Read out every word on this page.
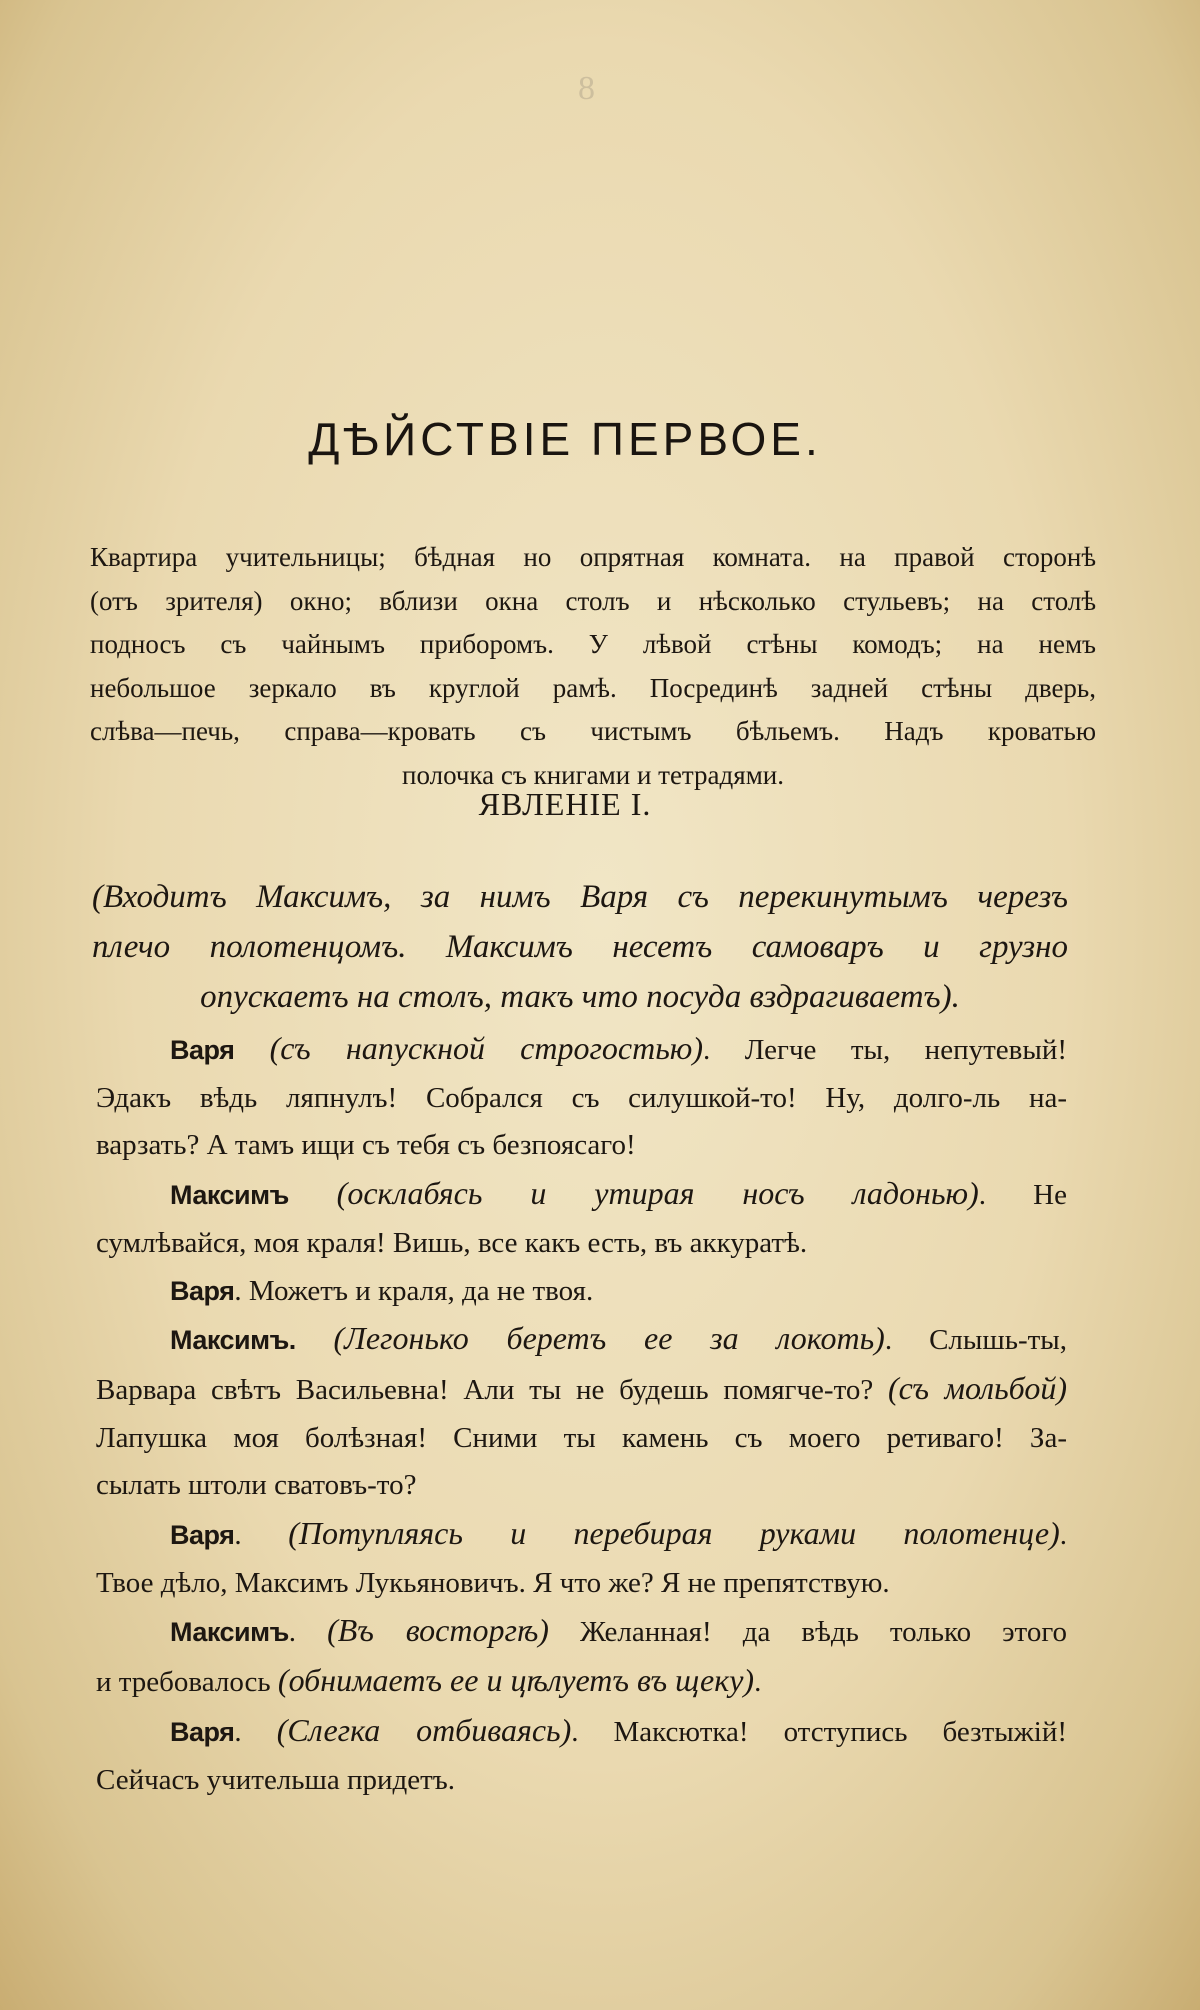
8
ДѢЙСТВIЕ ПЕРВОЕ.
Квартира учительницы; бѣдная но опрятная комната. на правой сторонѣ
(отъ зрителя) окно; вблизи окна столъ и нѣсколько стульевъ; на столѣ
подносъ съ чайнымъ приборомъ. У лѣвой стѣны комодъ; на немъ
небольшое зеркало въ круглой рамѣ. Посрединѣ задней стѣны дверь,
слѣва—печь, справа—кровать съ чистымъ бѣльемъ. Надъ кроватью
полочка съ книгами и тетрадями.
ЯВЛЕНIЕ I.
(Входитъ Максимъ, за нимъ Варя съ перекинутымъ черезъ
плечо полотенцомъ. Максимъ несетъ самоваръ и грузно
опускаетъ на столъ, такъ что посуда вздрагиваетъ).
Варя (съ напускной строгостью). Легче ты, непутевый!
Эдакъ вѣдь ляпнулъ! Собрался съ силушкой-то! Ну, долго-ль на-
варзать? А тамъ ищи съ тебя съ безпоясаго!
Максимъ (осклабясь и утирая носъ ладонью). Не
сумлѣвайся, моя краля! Вишь, все какъ есть, въ аккуратѣ.
Варя. Можетъ и краля, да не твоя.
Максимъ. (Легонько беретъ ее за локоть). Слышь-ты,
Варвара свѣтъ Васильевна! Али ты не будешь помягче-то? (съ мольбой)
Лапушка моя болѣзная! Сними ты камень съ моего ретиваго! За-
сылать штоли сватовъ-то?
Варя. (Потупляясь и перебирая руками полотенце).
Твое дѣло, Максимъ Лукьяновичъ. Я что же? Я не препятствую.
Максимъ. (Въ восторгѣ) Желанная! да вѣдь только этого
и требовалось (обнимаетъ ее и цѣлуетъ въ щеку).
Варя. (Слегка отбиваясь). Максютка! отступись безтыжій!
Сейчасъ учительша придетъ.
